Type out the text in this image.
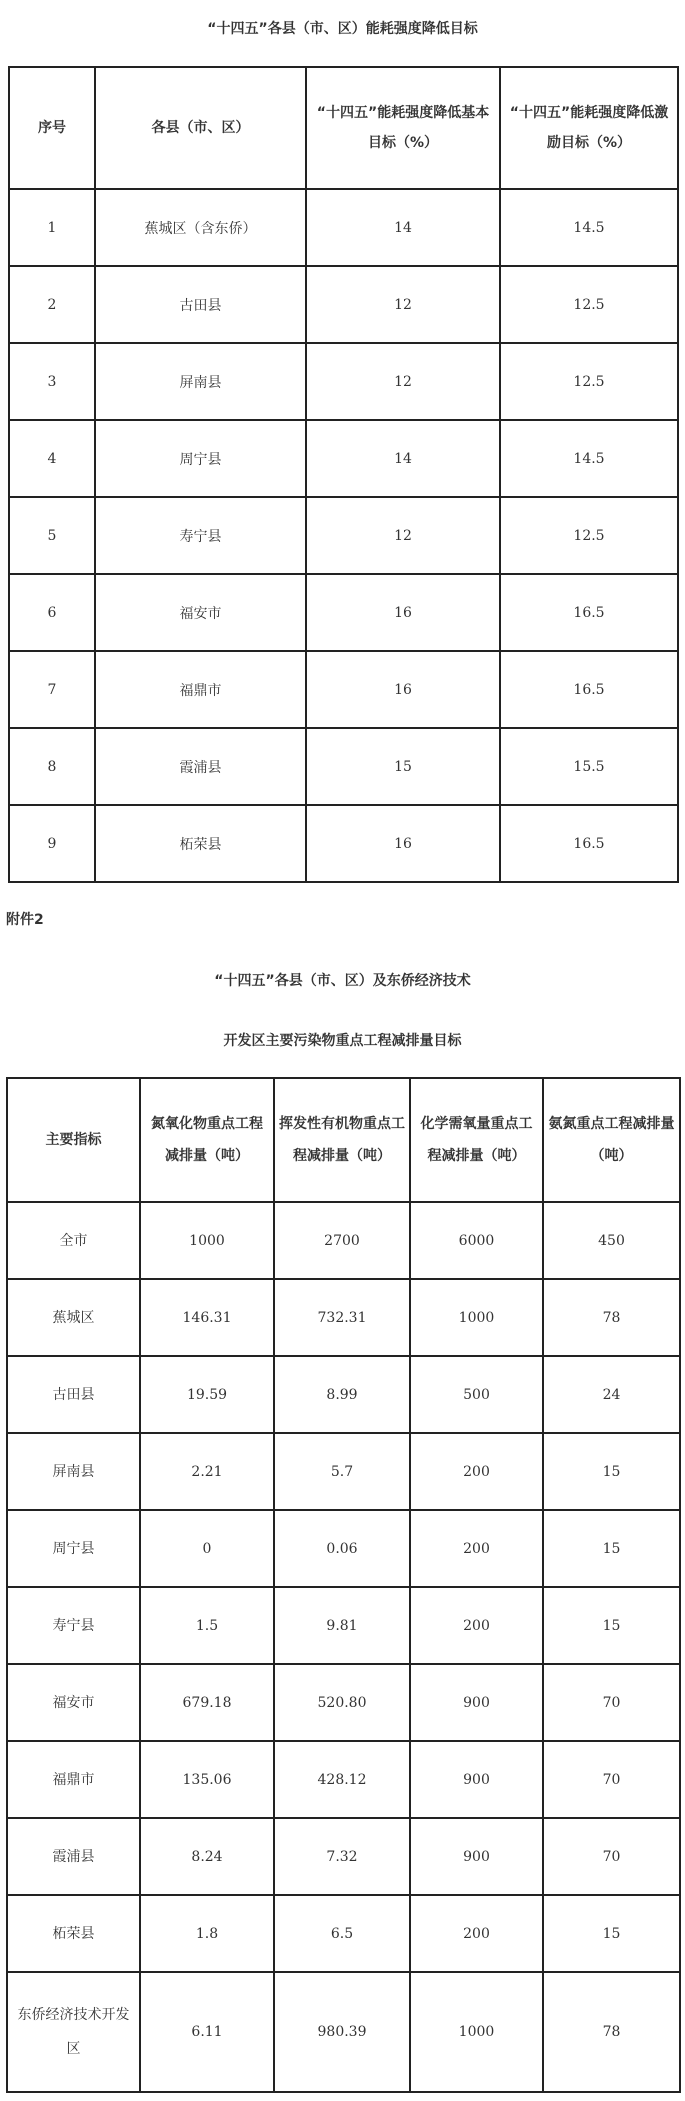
“十四五”各县（市、区）能耗强度降低目标
序号	各县（市、区）	“十四五”能耗强度降低基本目标（%）	“十四五”能耗强度降低激励目标（%）
1	蕉城区（含东侨）	14	14.5
2	古田县	12	12.5
3	屏南县	12	12.5
4	周宁县	14	14.5
5	寿宁县	12	12.5
6	福安市	16	16.5
7	福鼎市	16	16.5
8	霞浦县	15	15.5
9	柘荣县	16	16.5
附件2
“十四五”各县（市、区）及东侨经济技术
开发区主要污染物重点工程减排量目标
主要指标	氮氧化物重点工程减排量（吨）	挥发性有机物重点工程减排量（吨）	化学需氧量重点工程减排量（吨）	氨氮重点工程减排量（吨）
全市	1000	2700	6000	450
蕉城区	146.31	732.31	1000	78
古田县	19.59	8.99	500	24
屏南县	2.21	5.7	200	15
周宁县	0	0.06	200	15
寿宁县	1.5	9.81	200	15
福安市	679.18	520.80	900	70
福鼎市	135.06	428.12	900	70
霞浦县	8.24	7.32	900	70
柘荣县	1.8	6.5	200	15
东侨经济技术开发区	6.11	980.39	1000	78
